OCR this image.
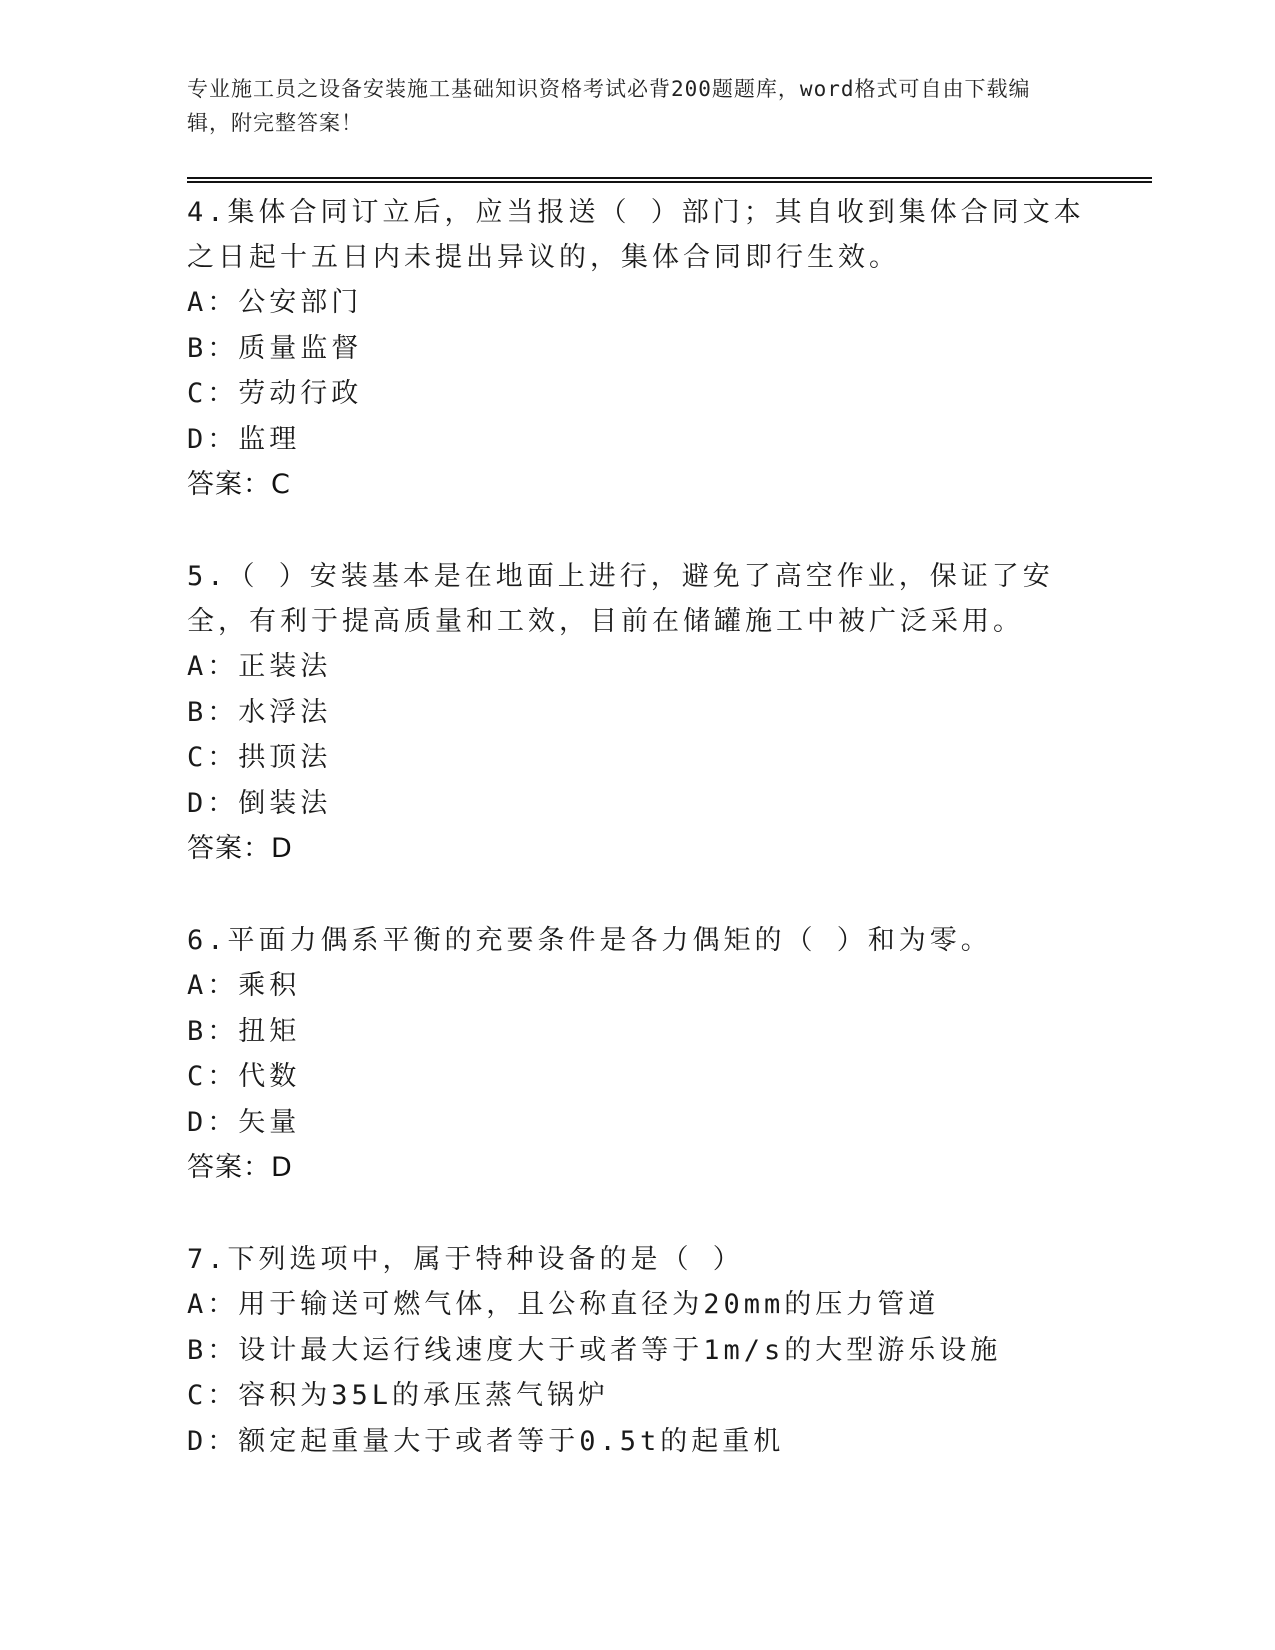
专业施工员之设备安装施工基础知识资格考试必背200题题库，word格式可自由下载编辑，附完整答案！
4.集体合同订立后，应当报送（ ）部门；其自收到集体合同文本之日起十五日内未提出异议的，集体合同即行生效。
A：公安部门
B：质量监督
C：劳动行政
D：监理
答案：C
5.（ ）安装基本是在地面上进行，避免了高空作业，保证了安全，有利于提高质量和工效，目前在储罐施工中被广泛采用。
A：正装法
B：水浮法
C：拱顶法
D：倒装法
答案：D
6.平面力偶系平衡的充要条件是各力偶矩的（ ）和为零。
A：乘积
B：扭矩
C：代数
D：矢量
答案：D
7.下列选项中，属于特种设备的是（ ）
A：用于输送可燃气体，且公称直径为20mm的压力管道
B：设计最大运行线速度大于或者等于1m/s的大型游乐设施
C：容积为35L的承压蒸气锅炉
D：额定起重量大于或者等于0.5t的起重机
